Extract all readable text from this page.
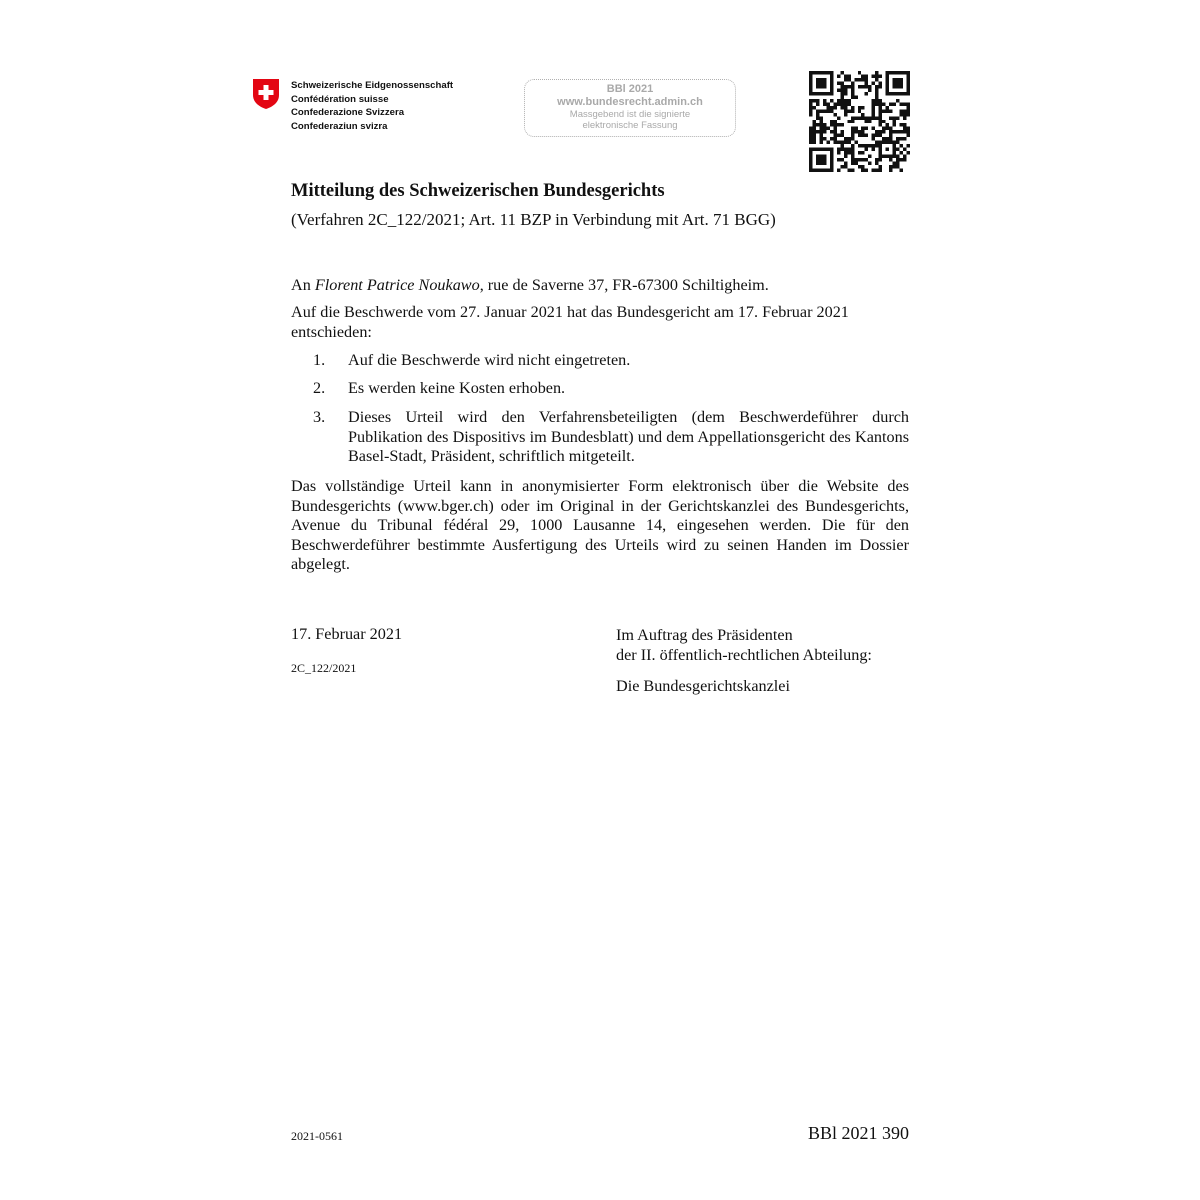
Schweizerische Eidgenossenschaft
Confédération suisse
Confederazione Svizzera
Confederaziun svizra
BBl 2021
www.bundesrecht.admin.ch
Massgebend ist die signierte
elektronische Fassung
Mitteilung des Schweizerischen Bundesgerichts
(Verfahren 2C_122/2021; Art. 11 BZP in Verbindung mit Art. 71 BGG)
An Florent Patrice Noukawo, rue de Saverne 37, FR-67300 Schiltigheim.
Auf die Beschwerde vom 27. Januar 2021 hat das Bundesgericht am 17. Februar 2021 entschieden:
1.	Auf die Beschwerde wird nicht eingetreten.
2.	Es werden keine Kosten erhoben.
3.	Dieses Urteil wird den Verfahrensbeteiligten (dem Beschwerdeführer durch Publikation des Dispositivs im Bundesblatt) und dem Appellationsgericht des Kantons Basel-Stadt, Präsident, schriftlich mitgeteilt.
Das vollständige Urteil kann in anonymisierter Form elektronisch über die Website des Bundesgerichts (www.bger.ch) oder im Original in der Gerichtskanzlei des Bundesgerichts, Avenue du Tribunal fédéral 29, 1000 Lausanne 14, eingesehen werden. Die für den Beschwerdeführer bestimmte Ausfertigung des Urteils wird zu seinen Handen im Dossier abgelegt.
17. Februar 2021
2C_122/2021
Im Auftrag des Präsidenten
der II. öffentlich-rechtlichen Abteilung:
Die Bundesgerichtskanzlei
2021-0561	BBl 2021 390
